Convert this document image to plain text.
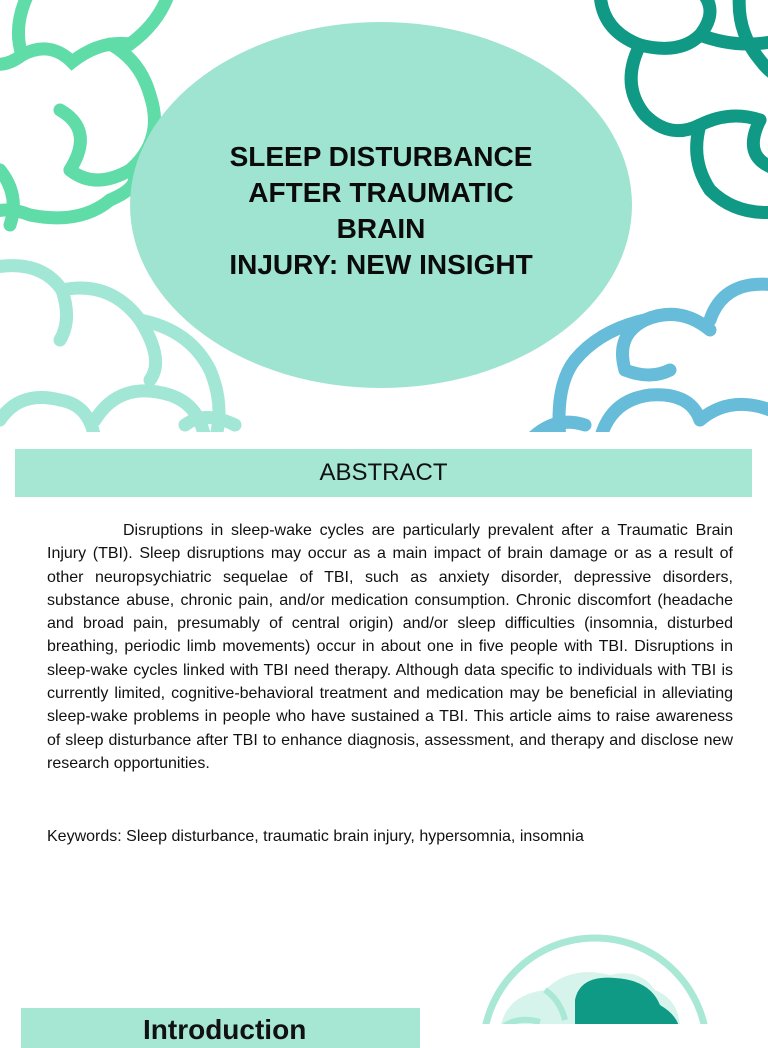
SLEEP DISTURBANCE
AFTER TRAUMATIC
BRAIN
INJURY: NEW INSIGHT
ABSTRACT

Disruptions in sleep-wake cycles are particularly prevalent after a Traumatic Brain Injury (TBI). Sleep disruptions may occur as a main impact of brain damage or as a result of other neuropsychiatric sequelae of TBI, such as anxiety disorder, depressive disorders, substance abuse, chronic pain, and/or medication consumption. Chronic discomfort (headache and broad pain, presumably of central origin) and/or sleep difficulties (insomnia, disturbed breathing, periodic limb movements) occur in about one in five people with TBI. Disruptions in sleep-wake cycles linked with TBI need therapy. Although data specific to individuals with TBI is currently limited, cognitive-behavioral treatment and medication may be beneficial in alleviating sleep-wake problems in people who have sustained a TBI. This article aims to raise awareness of sleep disturbance after TBI to enhance diagnosis, assessment, and therapy and disclose new research opportunities.

Keywords: Sleep disturbance, traumatic brain injury, hypersomnia, insomnia

Introduction
